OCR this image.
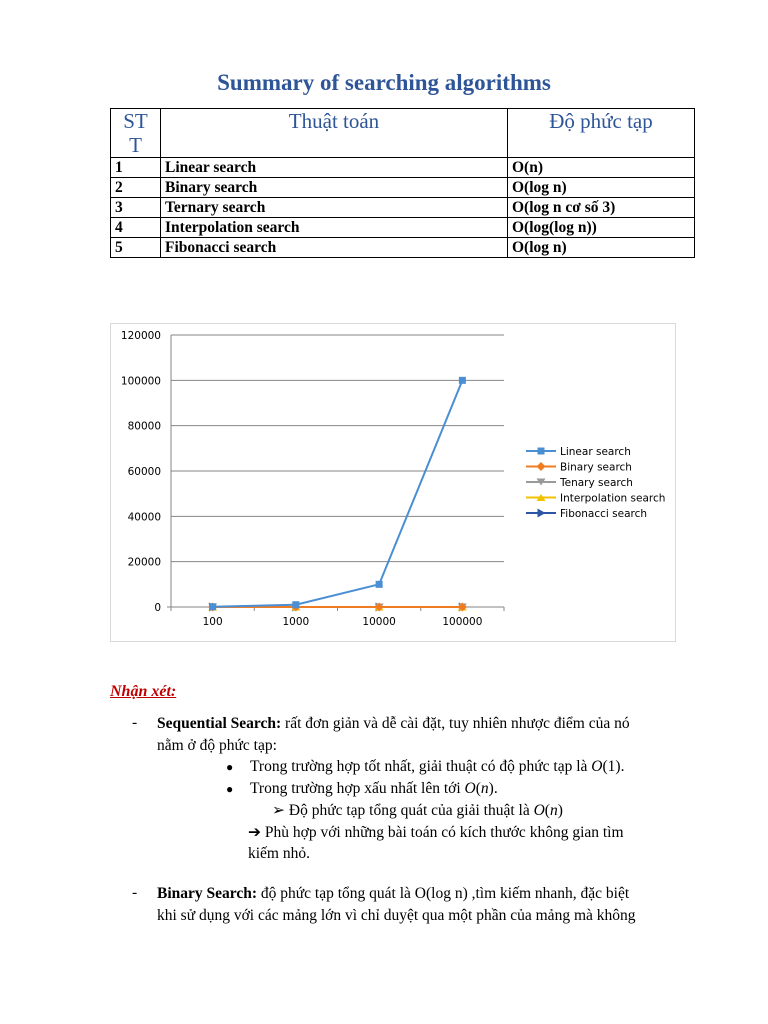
Summary of searching algorithms
ST
T	Thuật toán	Độ phức tạp
1	Linear search	O(n)
2	Binary search	O(log n)
3	Ternary search	O(log n cơ số 3)
4	Interpolation search	O(log(log n))
5	Fibonacci search	O(log n)
120000
100000
80000
60000
40000
20000
0
100	1000	10000	100000
Linear search
Binary search
Tenary search
Interpolation search
Fibonacci search
Nhận xét:
- Sequential Search: rất đơn giản và dễ cài đặt, tuy nhiên nhược điểm của nó
nằm ở độ phức tạp:
● Trong trường hợp tốt nhất, giải thuật có độ phức tạp là O(1).
● Trong trường hợp xấu nhất lên tới O(n).
➢ Độ phức tạp tổng quát của giải thuật là O(n)
➔ Phù hợp với những bài toán có kích thước không gian tìm
kiếm nhỏ.
- Binary Search: độ phức tạp tổng quát là O(log n) ,tìm kiếm nhanh, đặc biệt
khi sử dụng với các mảng lớn vì chỉ duyệt qua một phần của mảng mà không
